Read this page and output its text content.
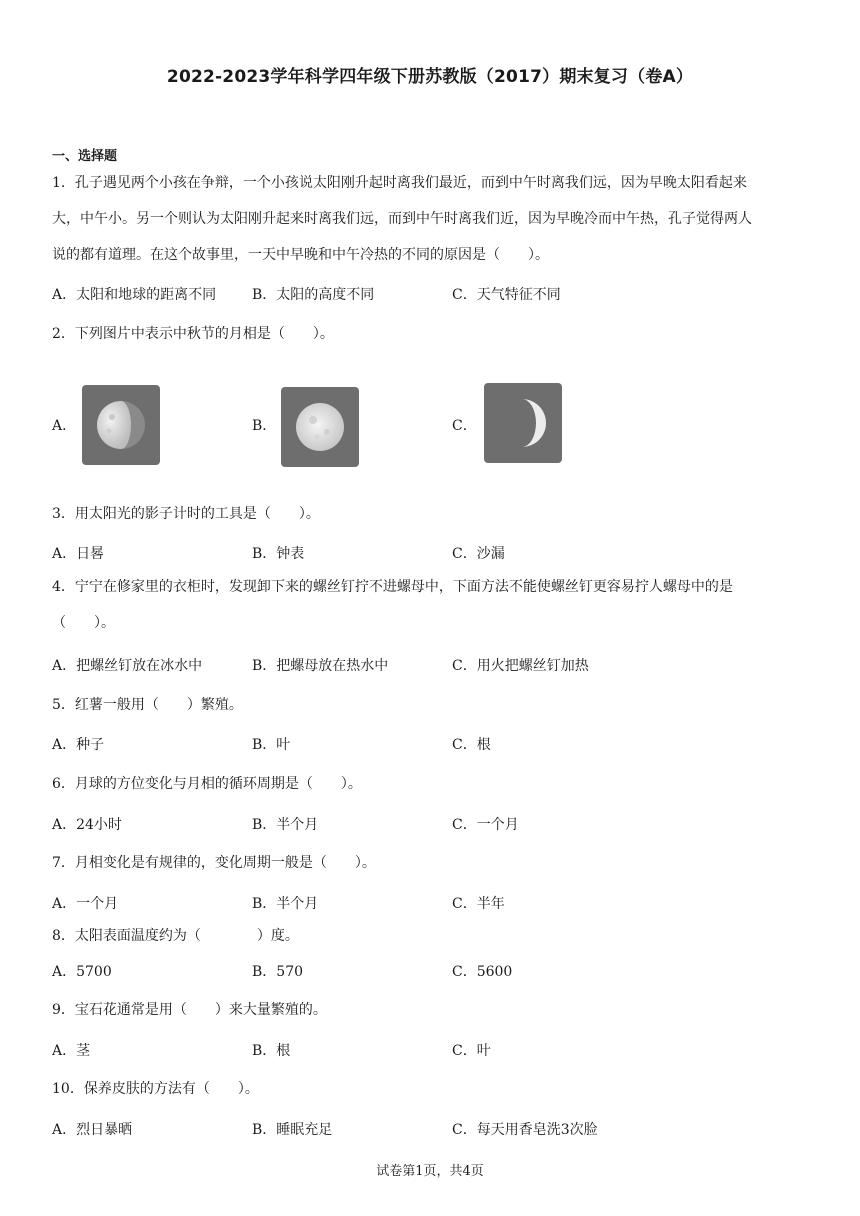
2022-2023学年科学四年级下册苏教版（2017）期末复习（卷A）
一、选择题
1．孔子遇见两个小孩在争辩，一个小孩说太阳刚升起时离我们最近，而到中午时离我们远，因为早晚太阳看起来
大，中午小。另一个则认为太阳刚升起来时离我们远，而到中午时离我们近，因为早晚冷而中午热，孔子觉得两人
说的都有道理。在这个故事里，一天中早晚和中午冷热的不同的原因是（　　）。
A．太阳和地球的距离不同	B．太阳的高度不同	C．天气特征不同
2．下列图片中表示中秋节的月相是（　　）。
A．	B．	C．
3．用太阳光的影子计时的工具是（　　）。
A．日晷	B．钟表	C．沙漏
4．宁宁在修家里的衣柜时，发现卸下来的螺丝钉拧不进螺母中，下面方法不能使螺丝钉更容易拧人螺母中的是
（　　）。
A．把螺丝钉放在冰水中	B．把螺母放在热水中	C．用火把螺丝钉加热
5．红薯一般用（　　）繁殖。
A．种子	B．叶	C．根
6．月球的方位变化与月相的循环周期是（　　）。
A．24小时	B．半个月	C．一个月
7．月相变化是有规律的，变化周期一般是（　　）。
A．一个月	B．半个月	C．半年
8．太阳表面温度约为（　　　　）度。
A．5700	B．570	C．5600
9．宝石花通常是用（　　）来大量繁殖的。
A．茎	B．根	C．叶
10．保养皮肤的方法有（　　）。
A．烈日暴晒	B．睡眠充足	C．每天用香皂洗3次脸
试卷第1页，共4页
